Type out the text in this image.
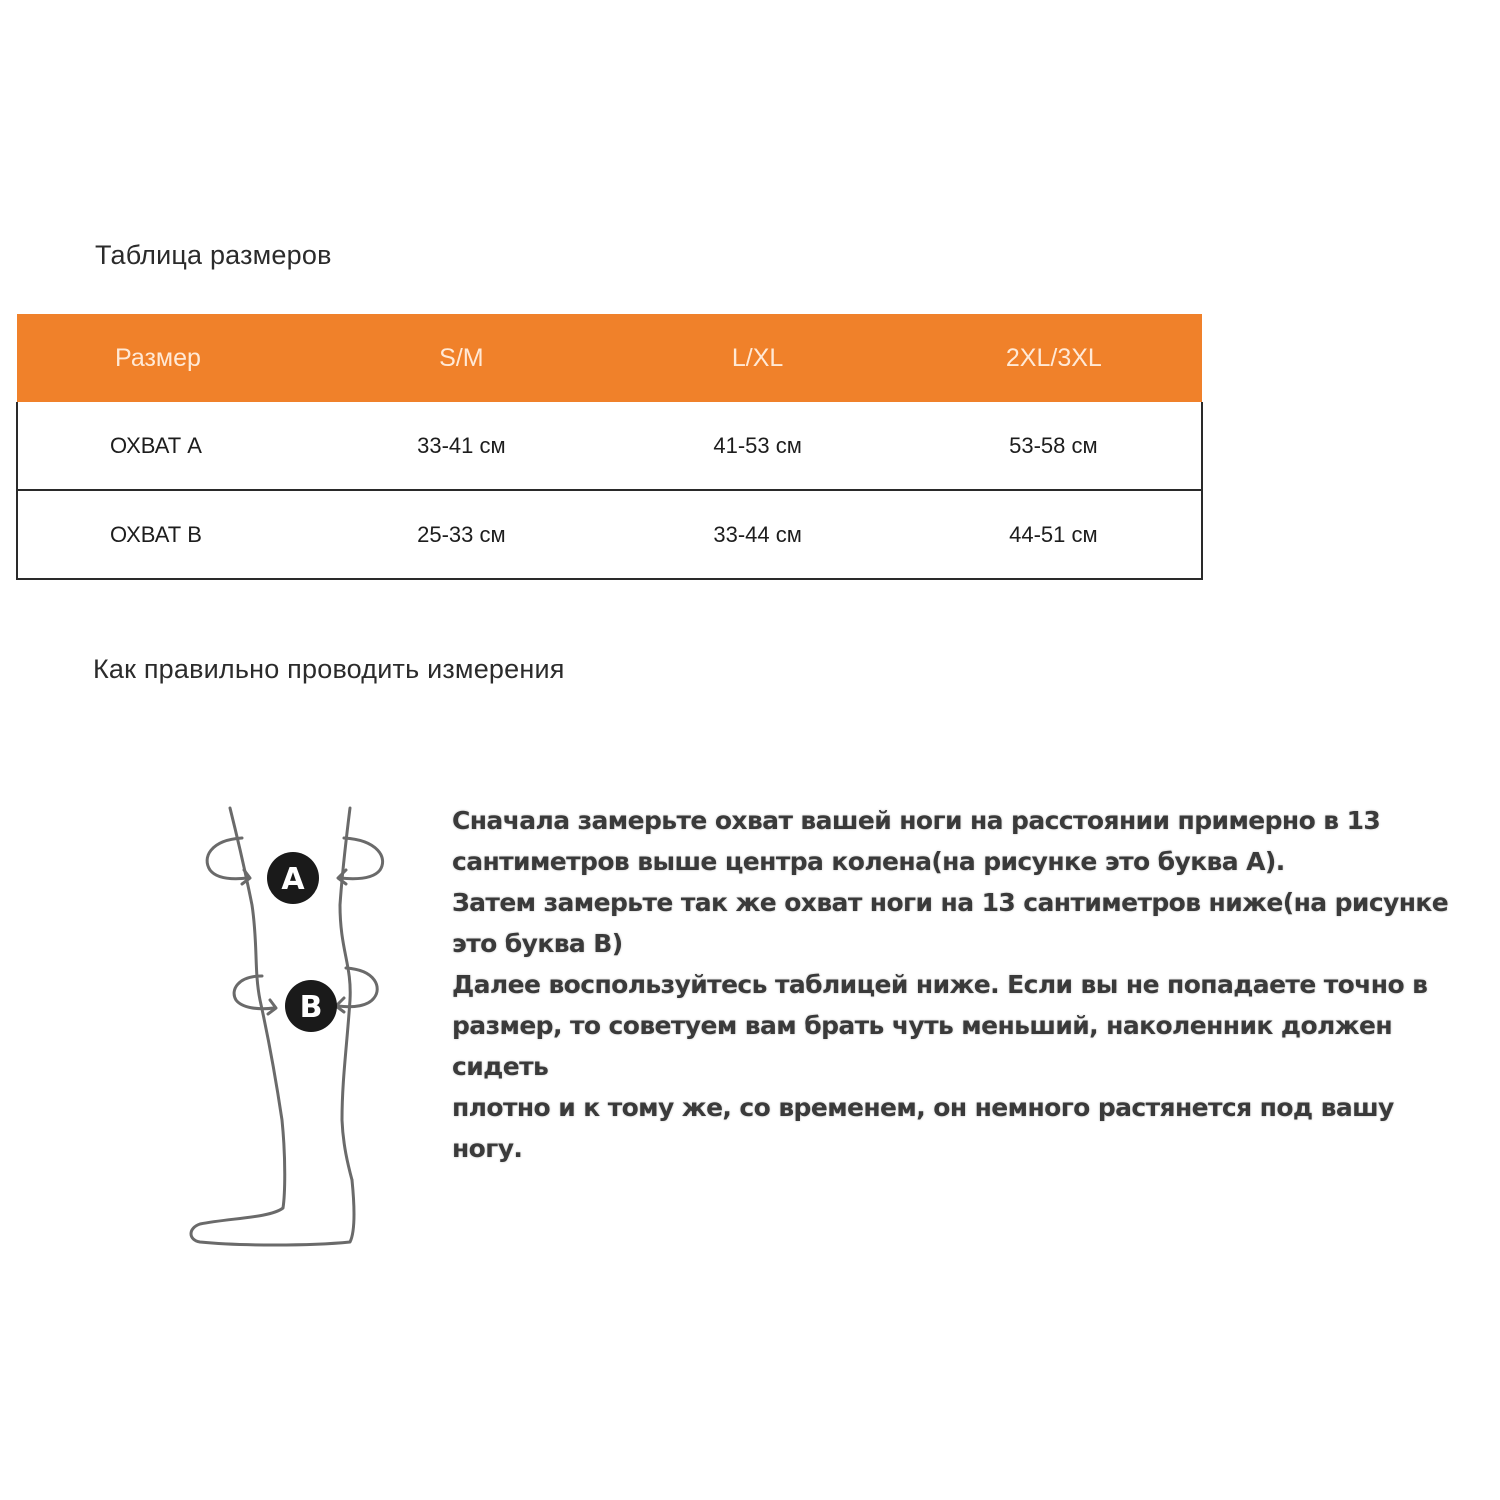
Таблица размеров
Размер	S/M	L/XL	2XL/3XL
ОХВАТ А	33-41 см	41-53 см	53-58 см
ОХВАТ В	25-33 см	33-44 см	44-51 см
Как правильно проводить измерения
A
B

Сначала замерьте охват вашей ноги на расстоянии примерно в 13
сантиметров выше центра колена(на рисунке это буква А).

Затем замерьте так же охват ноги на 13 сантиметров ниже(на рисунке
это буква В)

Далее воспользуйтесь таблицей ниже. Если вы не попадаете точно в
размер, то советуем вам брать чуть меньший, наколенник должен сидеть
плотно и к тому же, со временем, он немного растянется под вашу ногу.
